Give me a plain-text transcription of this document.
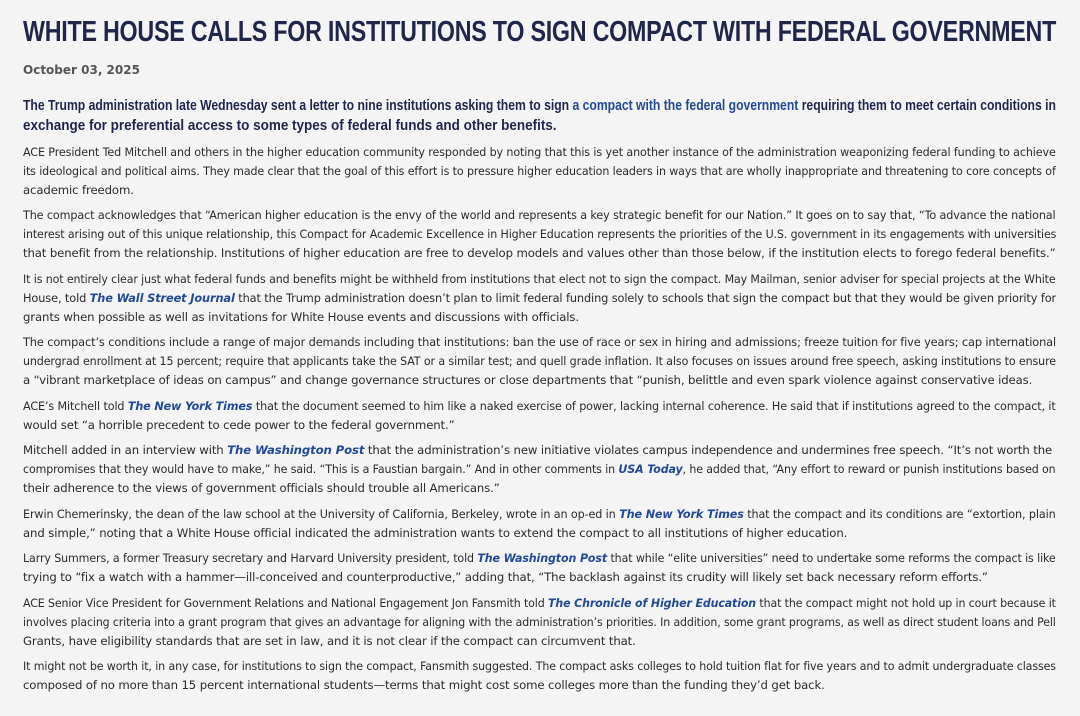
WHITE HOUSE CALLS FOR INSTITUTIONS TO SIGN COMPACT WITH FEDERAL GOVERNMENT
October 03, 2025
The Trump administration late Wednesday sent a letter to nine institutions asking them to sign a compact with the federal government requiring them to meet certain conditions in
exchange for preferential access to some types of federal funds and other benefits.

ACE President Ted Mitchell and others in the higher education community responded by noting that this is yet another instance of the administration weaponizing federal funding to achieve
its ideological and political aims. They made clear that the goal of this effort is to pressure higher education leaders in ways that are wholly inappropriate and threatening to core concepts of
academic freedom.

The compact acknowledges that “American higher education is the envy of the world and represents a key strategic benefit for our Nation.” It goes on to say that, “To advance the national
interest arising out of this unique relationship, this Compact for Academic Excellence in Higher Education represents the priorities of the U.S. government in its engagements with universities
that benefit from the relationship. Institutions of higher education are free to develop models and values other than those below, if the institution elects to forego federal benefits.”

It is not entirely clear just what federal funds and benefits might be withheld from institutions that elect not to sign the compact. May Mailman, senior adviser for special projects at the White
House, told The Wall Street Journal that the Trump administration doesn’t plan to limit federal funding solely to schools that sign the compact but that they would be given priority for
grants when possible as well as invitations for White House events and discussions with officials.

The compact’s conditions include a range of major demands including that institutions: ban the use of race or sex in hiring and admissions; freeze tuition for five years; cap international
undergrad enrollment at 15 percent; require that applicants take the SAT or a similar test; and quell grade inflation. It also focuses on issues around free speech, asking institutions to ensure
a “vibrant marketplace of ideas on campus” and change governance structures or close departments that “punish, belittle and even spark violence against conservative ideas.

ACE’s Mitchell told The New York Times that the document seemed to him like a naked exercise of power, lacking internal coherence. He said that if institutions agreed to the compact, it
would set “a horrible precedent to cede power to the federal government.”

Mitchell added in an interview with The Washington Post that the administration’s new initiative violates campus independence and undermines free speech. “It’s not worth the
compromises that they would have to make,” he said. “This is a Faustian bargain.” And in other comments in USA Today, he added that, “Any effort to reward or punish institutions based on
their adherence to the views of government officials should trouble all Americans.”

Erwin Chemerinsky, the dean of the law school at the University of California, Berkeley, wrote in an op-ed in The New York Times that the compact and its conditions are “extortion, plain
and simple,” noting that a White House official indicated the administration wants to extend the compact to all institutions of higher education.

Larry Summers, a former Treasury secretary and Harvard University president, told The Washington Post that while “elite universities” need to undertake some reforms the compact is like
trying to “fix a watch with a hammer—ill-conceived and counterproductive,” adding that, “The backlash against its crudity will likely set back necessary reform efforts.”

ACE Senior Vice President for Government Relations and National Engagement Jon Fansmith told The Chronicle of Higher Education that the compact might not hold up in court because it
involves placing criteria into a grant program that gives an advantage for aligning with the administration’s priorities. In addition, some grant programs, as well as direct student loans and Pell
Grants, have eligibility standards that are set in law, and it is not clear if the compact can circumvent that.

It might not be worth it, in any case, for institutions to sign the compact, Fansmith suggested. The compact asks colleges to hold tuition flat for five years and to admit undergraduate classes
composed of no more than 15 percent international students—terms that might cost some colleges more than the funding they’d get back.
